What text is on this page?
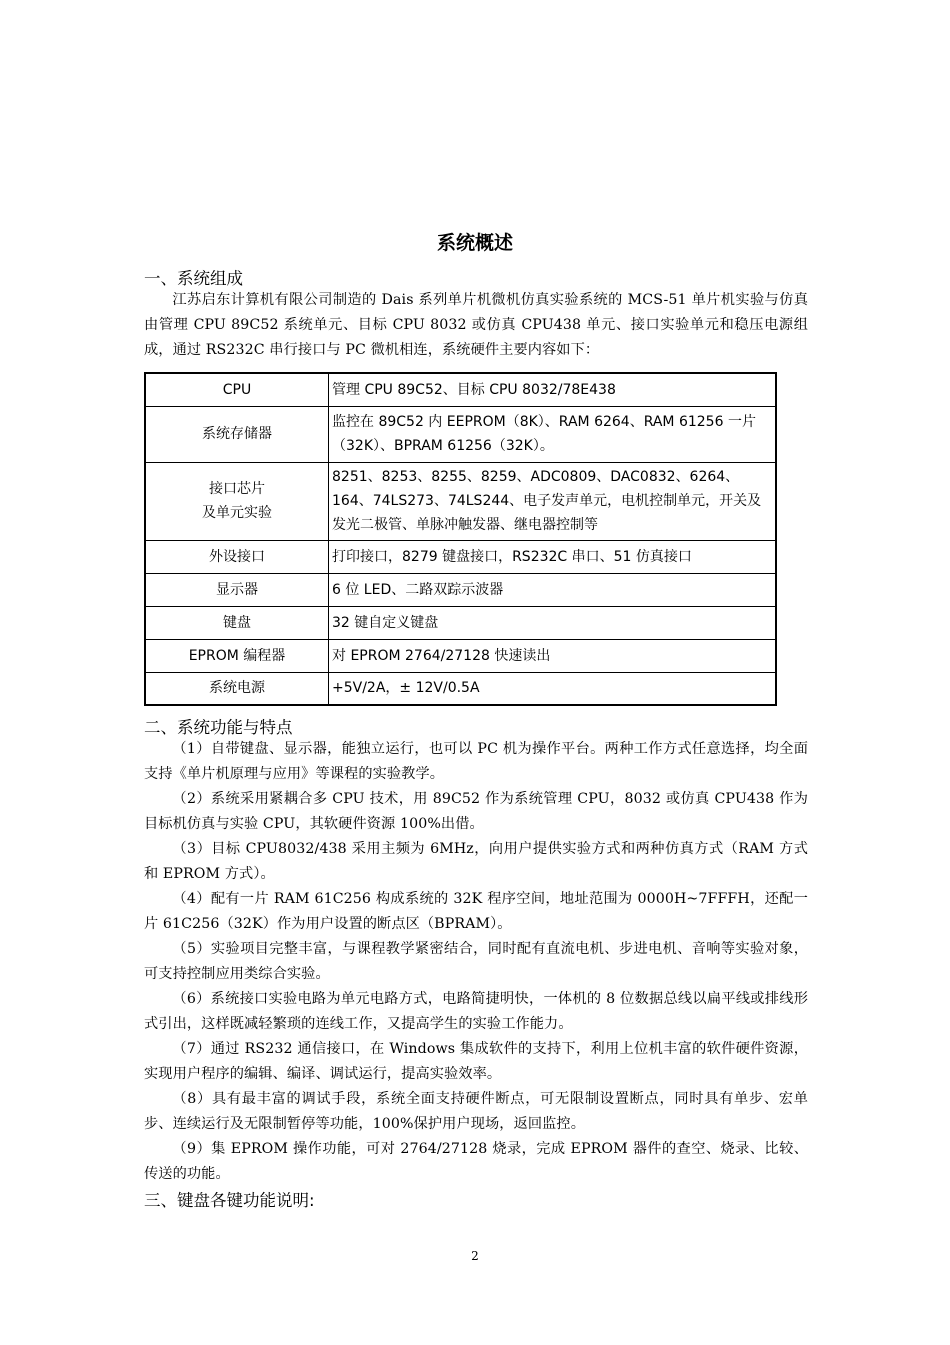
系统概述
一、系统组成
江苏启东计算机有限公司制造的 Dais 系列单片机微机仿真实验系统的 MCS-51 单片机实验与仿真由管理 CPU 89C52 系统单元、目标 CPU 8032 或仿真 CPU438 单元、接口实验单元和稳压电源组成，通过 RS232C 串行接口与 PC 微机相连，系统硬件主要内容如下：
CPU	管理 CPU 89C52、目标 CPU 8032/78E438
系统存储器	监控在 89C52 内 EEPROM（8K）、RAM 6264、RAM 61256 一片（32K）、BPRAM 61256（32K）。
接口芯片
及单元实验	8251、8253、8255、8259、ADC0809、DAC0832、6264、164、74LS273、74LS244、电子发声单元，电机控制单元，开关及发光二极管、单脉冲触发器、继电器控制等
外设接口	打印接口，8279 键盘接口，RS232C 串口、51 仿真接口
显示器	6 位 LED、二路双踪示波器
键盘	32 键自定义键盘
EPROM 编程器	对 EPROM 2764/27128 快速读出
系统电源	+5V/2A，± 12V/0.5A
二、系统功能与特点
（1）自带键盘、显示器，能独立运行，也可以 PC 机为操作平台。两种工作方式任意选择，均全面支持《单片机原理与应用》等课程的实验教学。
（2）系统采用紧耦合多 CPU 技术，用 89C52 作为系统管理 CPU，8032 或仿真 CPU438 作为目标机仿真与实验 CPU，其软硬件资源 100%出借。
（3）目标 CPU8032/438 采用主频为 6MHz，向用户提供实验方式和两种仿真方式（RAM 方式和 EPROM 方式）。
（4）配有一片 RAM 61C256 构成系统的 32K 程序空间，地址范围为 0000H~7FFFH，还配一片 61C256（32K）作为用户设置的断点区（BPRAM）。
（5）实验项目完整丰富，与课程教学紧密结合，同时配有直流电机、步进电机、音响等实验对象，可支持控制应用类综合实验。
（6）系统接口实验电路为单元电路方式，电路简捷明快，一体机的 8 位数据总线以扁平线或排线形式引出，这样既减轻繁琐的连线工作，又提高学生的实验工作能力。
（7）通过 RS232 通信接口，在 Windows 集成软件的支持下，利用上位机丰富的软件硬件资源，实现用户程序的编辑、编译、调试运行，提高实验效率。
（8）具有最丰富的调试手段，系统全面支持硬件断点，可无限制设置断点，同时具有单步、宏单步、连续运行及无限制暂停等功能，100%保护用户现场，返回监控。
（9）集 EPROM 操作功能，可对 2764/27128 烧录，完成 EPROM 器件的查空、烧录、比较、传送的功能。
三、键盘各键功能说明:
2
